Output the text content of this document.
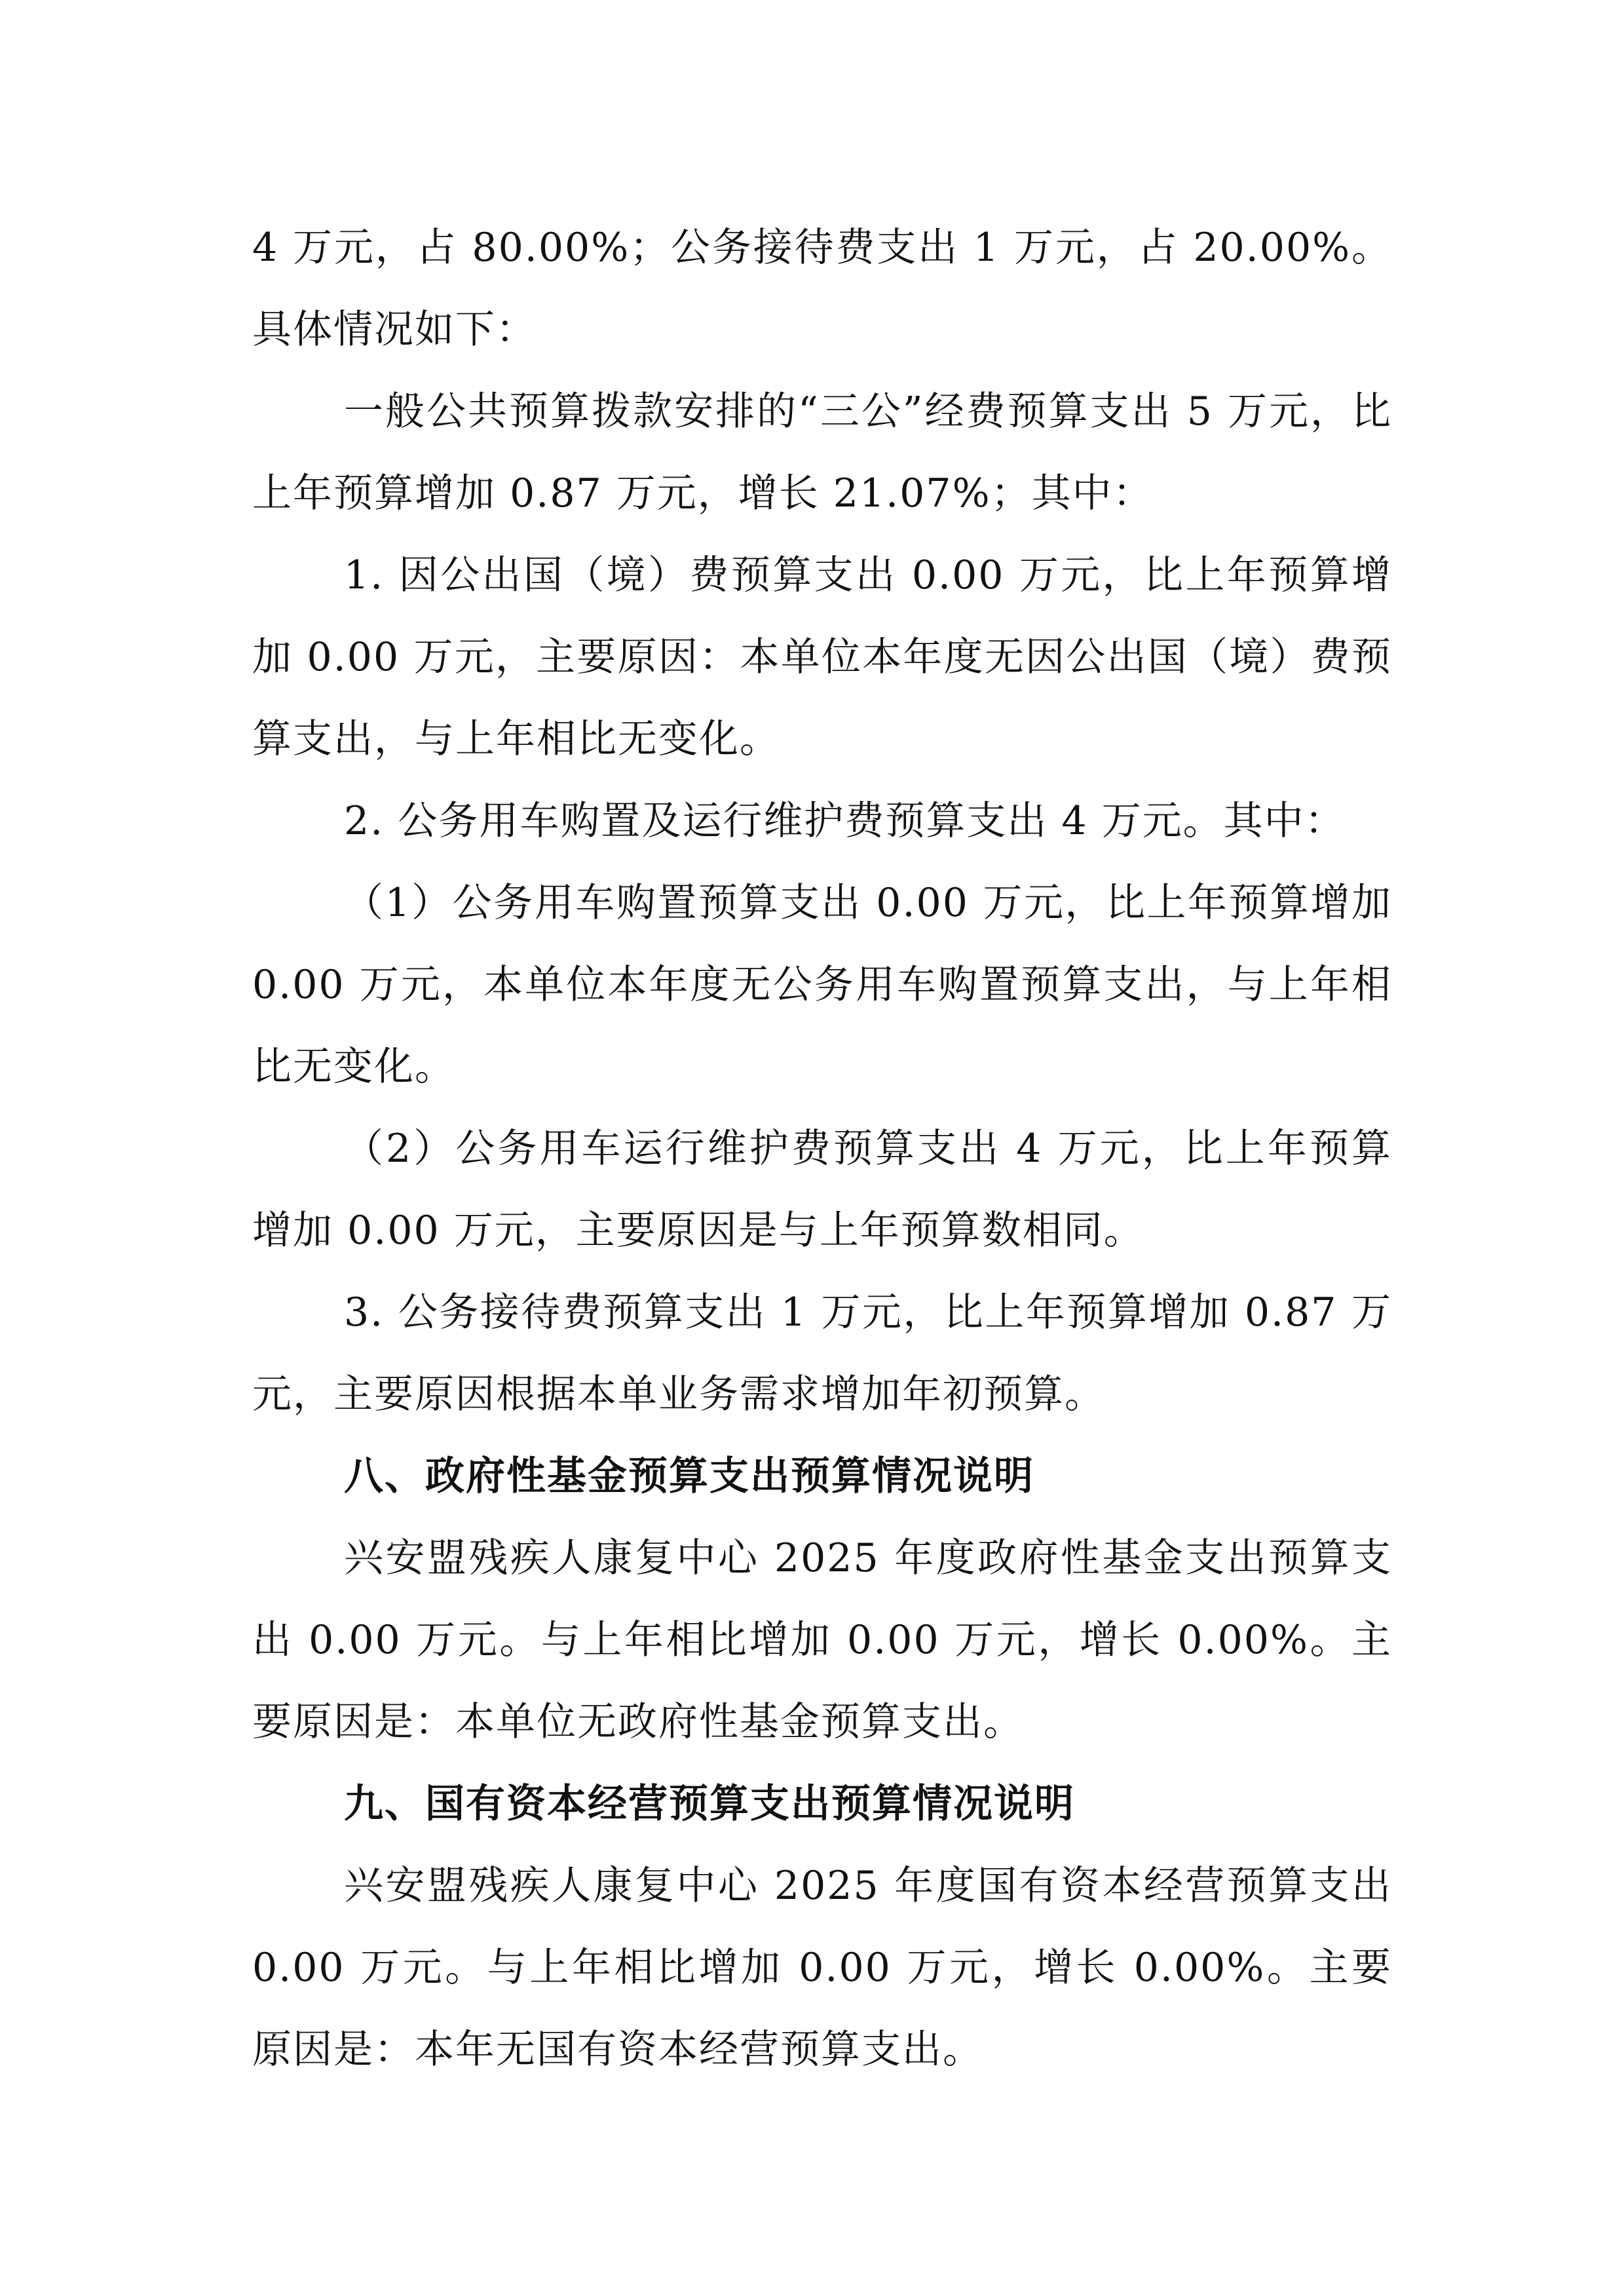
4 万元，占 80.00%；公务接待费支出 1 万元，占 20.00%。具体情况如下：

一般公共预算拨款安排的“三公”经费预算支出 5 万元，比上年预算增加 0.87 万元，增长 21.07%；其中：

1. 因公出国（境）费预算支出 0.00 万元，比上年预算增加 0.00 万元，主要原因：本单位本年度无因公出国（境）费预算支出，与上年相比无变化。

2. 公务用车购置及运行维护费预算支出 4 万元。其中：

（1）公务用车购置预算支出 0.00 万元，比上年预算增加 0.00 万元，本单位本年度无公务用车购置预算支出，与上年相比无变化。

（2）公务用车运行维护费预算支出 4 万元，比上年预算增加 0.00 万元，主要原因是与上年预算数相同。

3. 公务接待费预算支出 1 万元，比上年预算增加 0.87 万元，主要原因根据本单业务需求增加年初预算。

八、政府性基金预算支出预算情况说明

兴安盟残疾人康复中心 2025 年度政府性基金支出预算支出 0.00 万元。与上年相比增加 0.00 万元，增长 0.00%。主要原因是：本单位无政府性基金预算支出。

九、国有资本经营预算支出预算情况说明

兴安盟残疾人康复中心 2025 年度国有资本经营预算支出 0.00 万元。与上年相比增加 0.00 万元，增长 0.00%。主要原因是：本年无国有资本经营预算支出。
